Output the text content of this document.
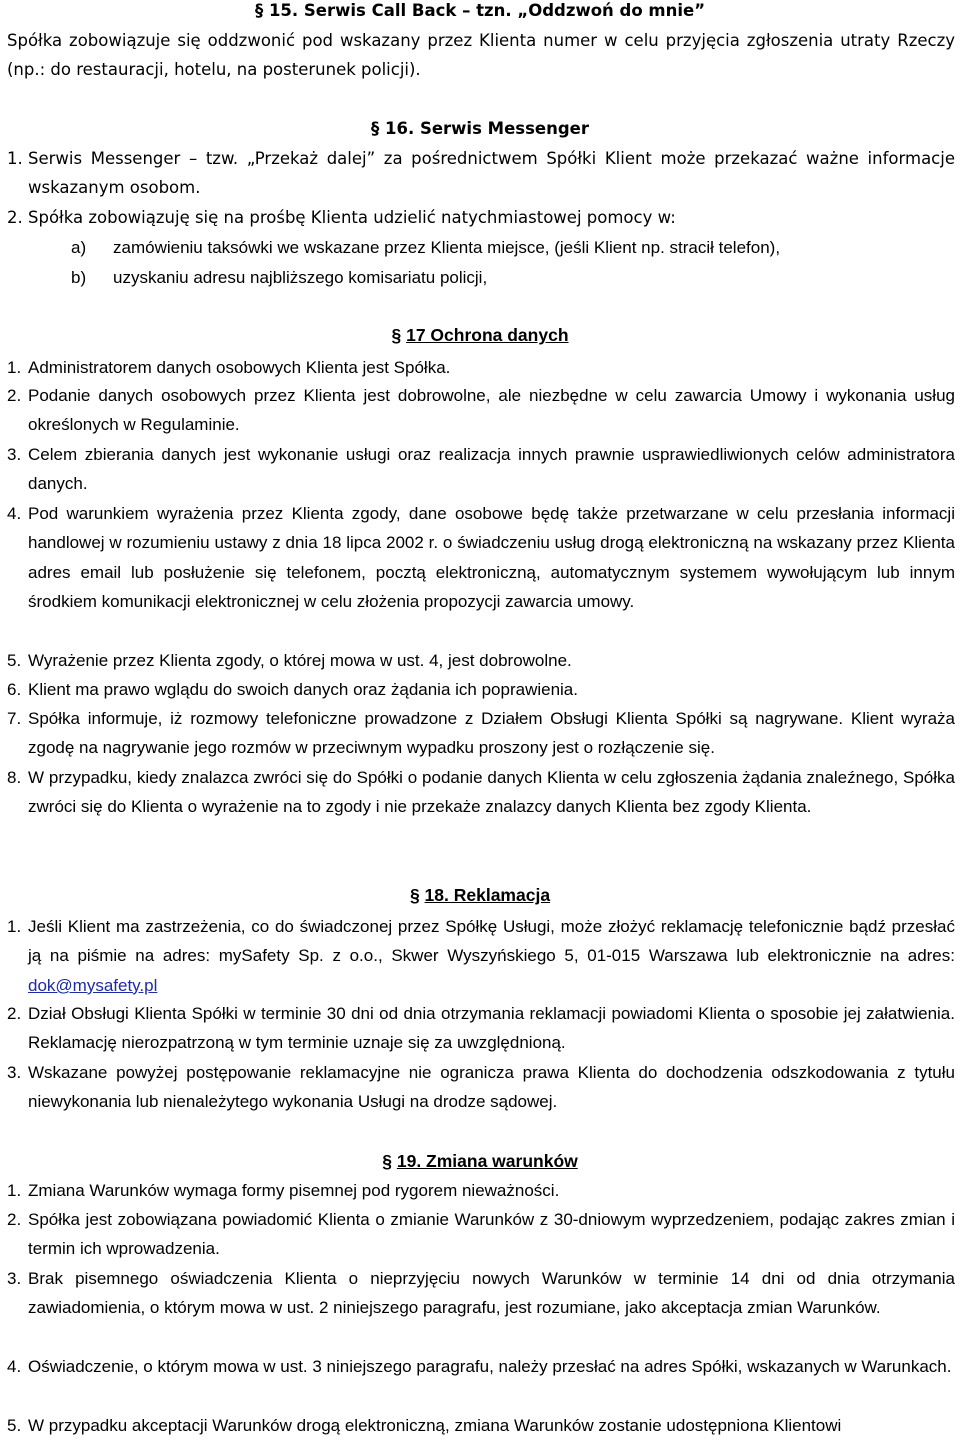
§ 15. Serwis Call Back – tzn. „Oddzwoń do mnie”
Spółka zobowiązuje się oddzwonić pod wskazany przez Klienta numer w celu przyjęcia zgłoszenia utraty Rzeczy (np.: do restauracji, hotelu, na posterunek policji).
§ 16. Serwis Messenger
1. Serwis Messenger – tzw. „Przekaż dalej” za pośrednictwem Spółki Klient może przekazać ważne informacje wskazanym osobom.
2. Spółka zobowiązuję się na prośbę Klienta udzielić natychmiastowej pomocy w:
a) zamówieniu taksówki we wskazane przez Klienta miejsce, (jeśli Klient np. stracił telefon),
b) uzyskaniu adresu najbliższego komisariatu policji,
§ 17 Ochrona danych
1. Administratorem danych osobowych Klienta jest Spółka.
2. Podanie danych osobowych przez Klienta jest dobrowolne, ale niezbędne w celu zawarcia Umowy i wykonania usług określonych w Regulaminie.
3. Celem zbierania danych jest wykonanie usługi oraz realizacja innych prawnie usprawiedliwionych celów administratora danych.
4. Pod warunkiem wyrażenia przez Klienta zgody, dane osobowe będę także przetwarzane w celu przesłania informacji handlowej w rozumieniu ustawy z dnia 18 lipca 2002 r. o świadczeniu usług drogą elektroniczną na wskazany przez Klienta adres email lub posłużenie się telefonem, pocztą elektroniczną, automatycznym systemem wywołującym lub innym środkiem komunikacji elektronicznej w celu złożenia propozycji zawarcia umowy.
5. Wyrażenie przez Klienta zgody, o której mowa w ust. 4, jest dobrowolne.
6. Klient ma prawo wglądu do swoich danych oraz żądania ich poprawienia.
7. Spółka informuje, iż rozmowy telefoniczne prowadzone z Działem Obsługi Klienta Spółki są nagrywane. Klient wyraża zgodę na nagrywanie jego rozmów w przeciwnym wypadku proszony jest o rozłączenie się.
8. W przypadku, kiedy znalazca zwróci się do Spółki o podanie danych Klienta w celu zgłoszenia żądania znaleźnego, Spółka zwróci się do Klienta o wyrażenie na to zgody i nie przekaże znalazcy danych Klienta bez zgody Klienta.
§ 18. Reklamacja
1. Jeśli Klient ma zastrzeżenia, co do świadczonej przez Spółkę Usługi, może złożyć reklamację telefonicznie bądź przesłać ją na piśmie na adres: mySafety Sp. z o.o., Skwer Wyszyńskiego 5, 01-015 Warszawa lub elektronicznie na adres: dok@mysafety.pl
2. Dział Obsługi Klienta Spółki w terminie 30 dni od dnia otrzymania reklamacji powiadomi Klienta o sposobie jej załatwienia. Reklamację nierozpatrzoną w tym terminie uznaje się za uwzględnioną.
3. Wskazane powyżej postępowanie reklamacyjne nie ogranicza prawa Klienta do dochodzenia odszkodowania z tytułu niewykonania lub nienależytego wykonania Usługi na drodze sądowej.
§ 19. Zmiana warunków
1. Zmiana Warunków wymaga formy pisemnej pod rygorem nieważności.
2. Spółka jest zobowiązana powiadomić Klienta o zmianie Warunków z 30-dniowym wyprzedzeniem, podając zakres zmian i termin ich wprowadzenia.
3. Brak pisemnego oświadczenia Klienta o nieprzyjęciu nowych Warunków w terminie 14 dni od dnia otrzymania zawiadomienia, o którym mowa w ust. 2 niniejszego paragrafu, jest rozumiane, jako akceptacja zmian Warunków.
4. Oświadczenie, o którym mowa w ust. 3 niniejszego paragrafu, należy przesłać na adres Spółki, wskazanych w Warunkach.
5. W przypadku akceptacji Warunków drogą elektroniczną, zmiana Warunków zostanie udostępniona Klientowi
